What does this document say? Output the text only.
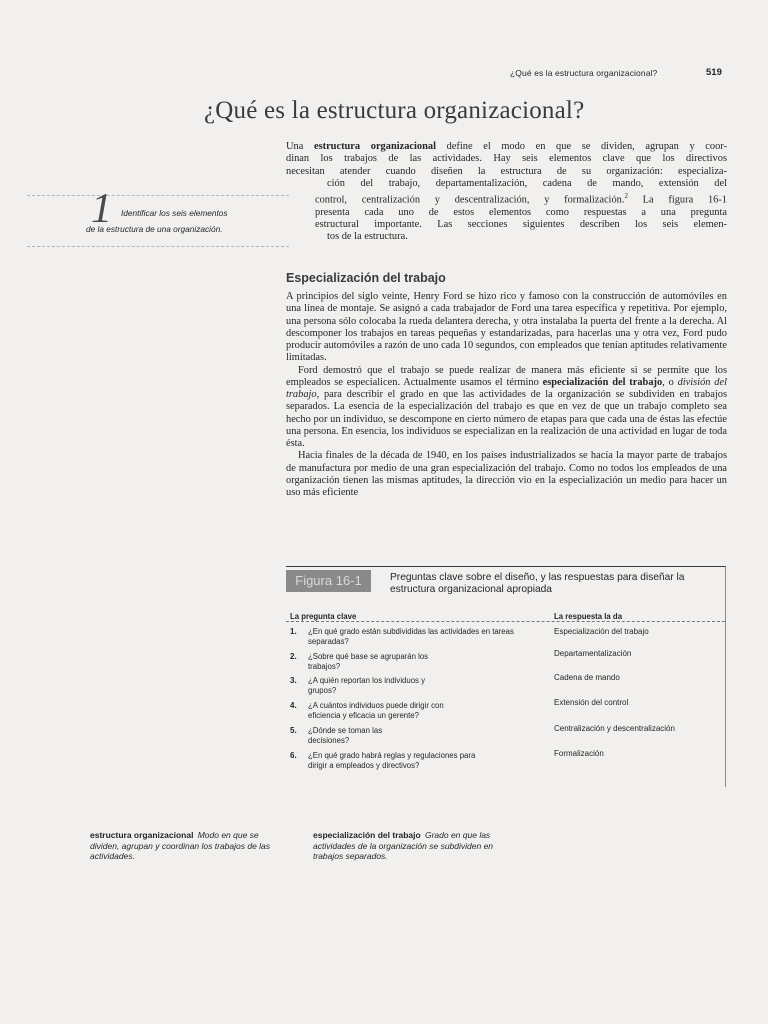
¿Qué es la estructura organizacional?	519
¿Qué es la estructura organizacional?
1 Identificar los seis elementos
de la estructura de una organización.
Una estructura organizacional define el modo en que se dividen, agrupan y coor-
dinan los trabajos de las actividades. Hay seis elementos clave que los directivos
necesitan atender cuando diseñen la estructura de su organización: especializa-
ción del trabajo, departamentalización, cadena de mando, extensión del
control, centralización y descentralización, y formalización.$^2$ La figura 16-1
presenta cada uno de estos elementos como respuestas a una pregunta
estructural importante. Las secciones siguientes describen los seis elemen-
tos de la estructura.
Especialización del trabajo

A principios del siglo veinte, Henry Ford se hizo rico y famoso con la construcción de automóviles en una línea de montaje. Se asignó a cada trabajador de Ford una tarea específica y repetitiva. Por ejemplo, una persona sólo colocaba la rueda delantera derecha, y otra instalaba la puerta del frente a la derecha. Al descomponer los trabajos en tareas pequeñas y estandarizadas, para hacerlas una y otra vez, Ford pudo producir automóviles a razón de uno cada 10 segundos, con empleados que tenían aptitudes relativamente limitadas.

Ford demostró que el trabajo se puede realizar de manera más eficiente si se permite que los empleados se especialicen. Actualmente usamos el término especialización del trabajo, o división del trabajo, para describir el grado en que las actividades de la organización se subdividen en trabajos separados. La esencia de la especialización del trabajo es que en vez de que un trabajo completo sea hecho por un individuo, se descompone en cierto número de etapas para que cada una de éstas las efectúe una persona. En esencia, los individuos se especializan en la realización de una actividad en lugar de toda ésta.

Hacia finales de la década de 1940, en los países industrializados se hacía la mayor parte de trabajos de manufactura por medio de una gran especialización del trabajo. Como no todos los empleados de una organización tienen las mismas aptitudes, la dirección vio en la especialización un medio para hacer un uso más eficiente

Figura 16-1	Preguntas clave sobre el diseño, y las respuestas para diseñar la estructura organizacional apropiada
La pregunta clave	La respuesta la da
1. ¿En qué grado están subdivididas las actividades en tareas separadas?
Especialización del trabajo
2. ¿Sobre qué base se agruparán los trabajos?
Departamentalización
3. ¿A quién reportan los individuos y grupos?
Cadena de mando
4. ¿A cuántos individuos puede dirigir con eficiencia y eficacia un gerente?
Extensión del control
5. ¿Dónde se toman las decisiones?
Centralización y descentralización
6. ¿En qué grado habrá reglas y regulaciones para dirigir a empleados y directivos?
Formalización
estructura organizacional Modo en que se dividen, agrupan y coordinan los trabajos de las actividades.
especialización del trabajo Grado en que las actividades de la organización se subdividen en trabajos separados.
